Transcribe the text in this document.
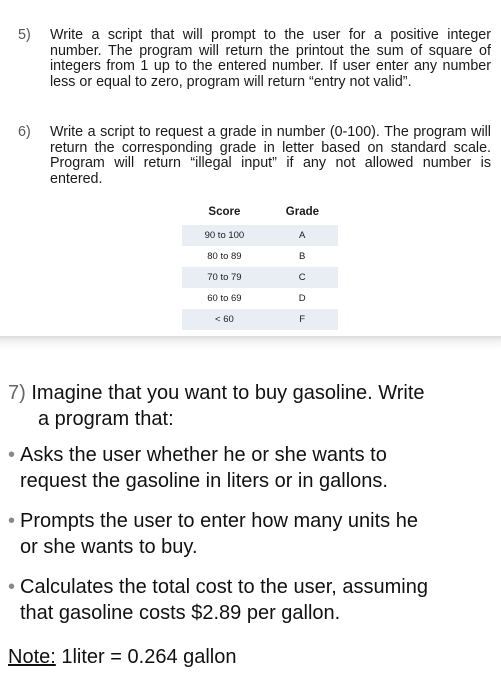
5)	Write a script that will prompt to the user for a positive integer number. The program will return the printout the sum of square of integers from 1 up to the entered number. If user enter any number less or equal to zero, program will return “entry not valid”.
6)	Write a script to request a grade in number (0-100). The program will return the corresponding grade in letter based on standard scale. Program will return “illegal input” if any not allowed number is entered.
Score	Grade
90 to 100	A
80 to 89	B
70 to 79	C
60 to 69	D
< 60	F
7) Imagine that you want to buy gasoline. Write
a program that:
• Asks the user whether he or she wants to
request the gasoline in liters or in gallons.
• Prompts the user to enter how many units he
or she wants to buy.
• Calculates the total cost to the user, assuming
that gasoline costs $2.89 per gallon.
Note: 1liter = 0.264 gallon
